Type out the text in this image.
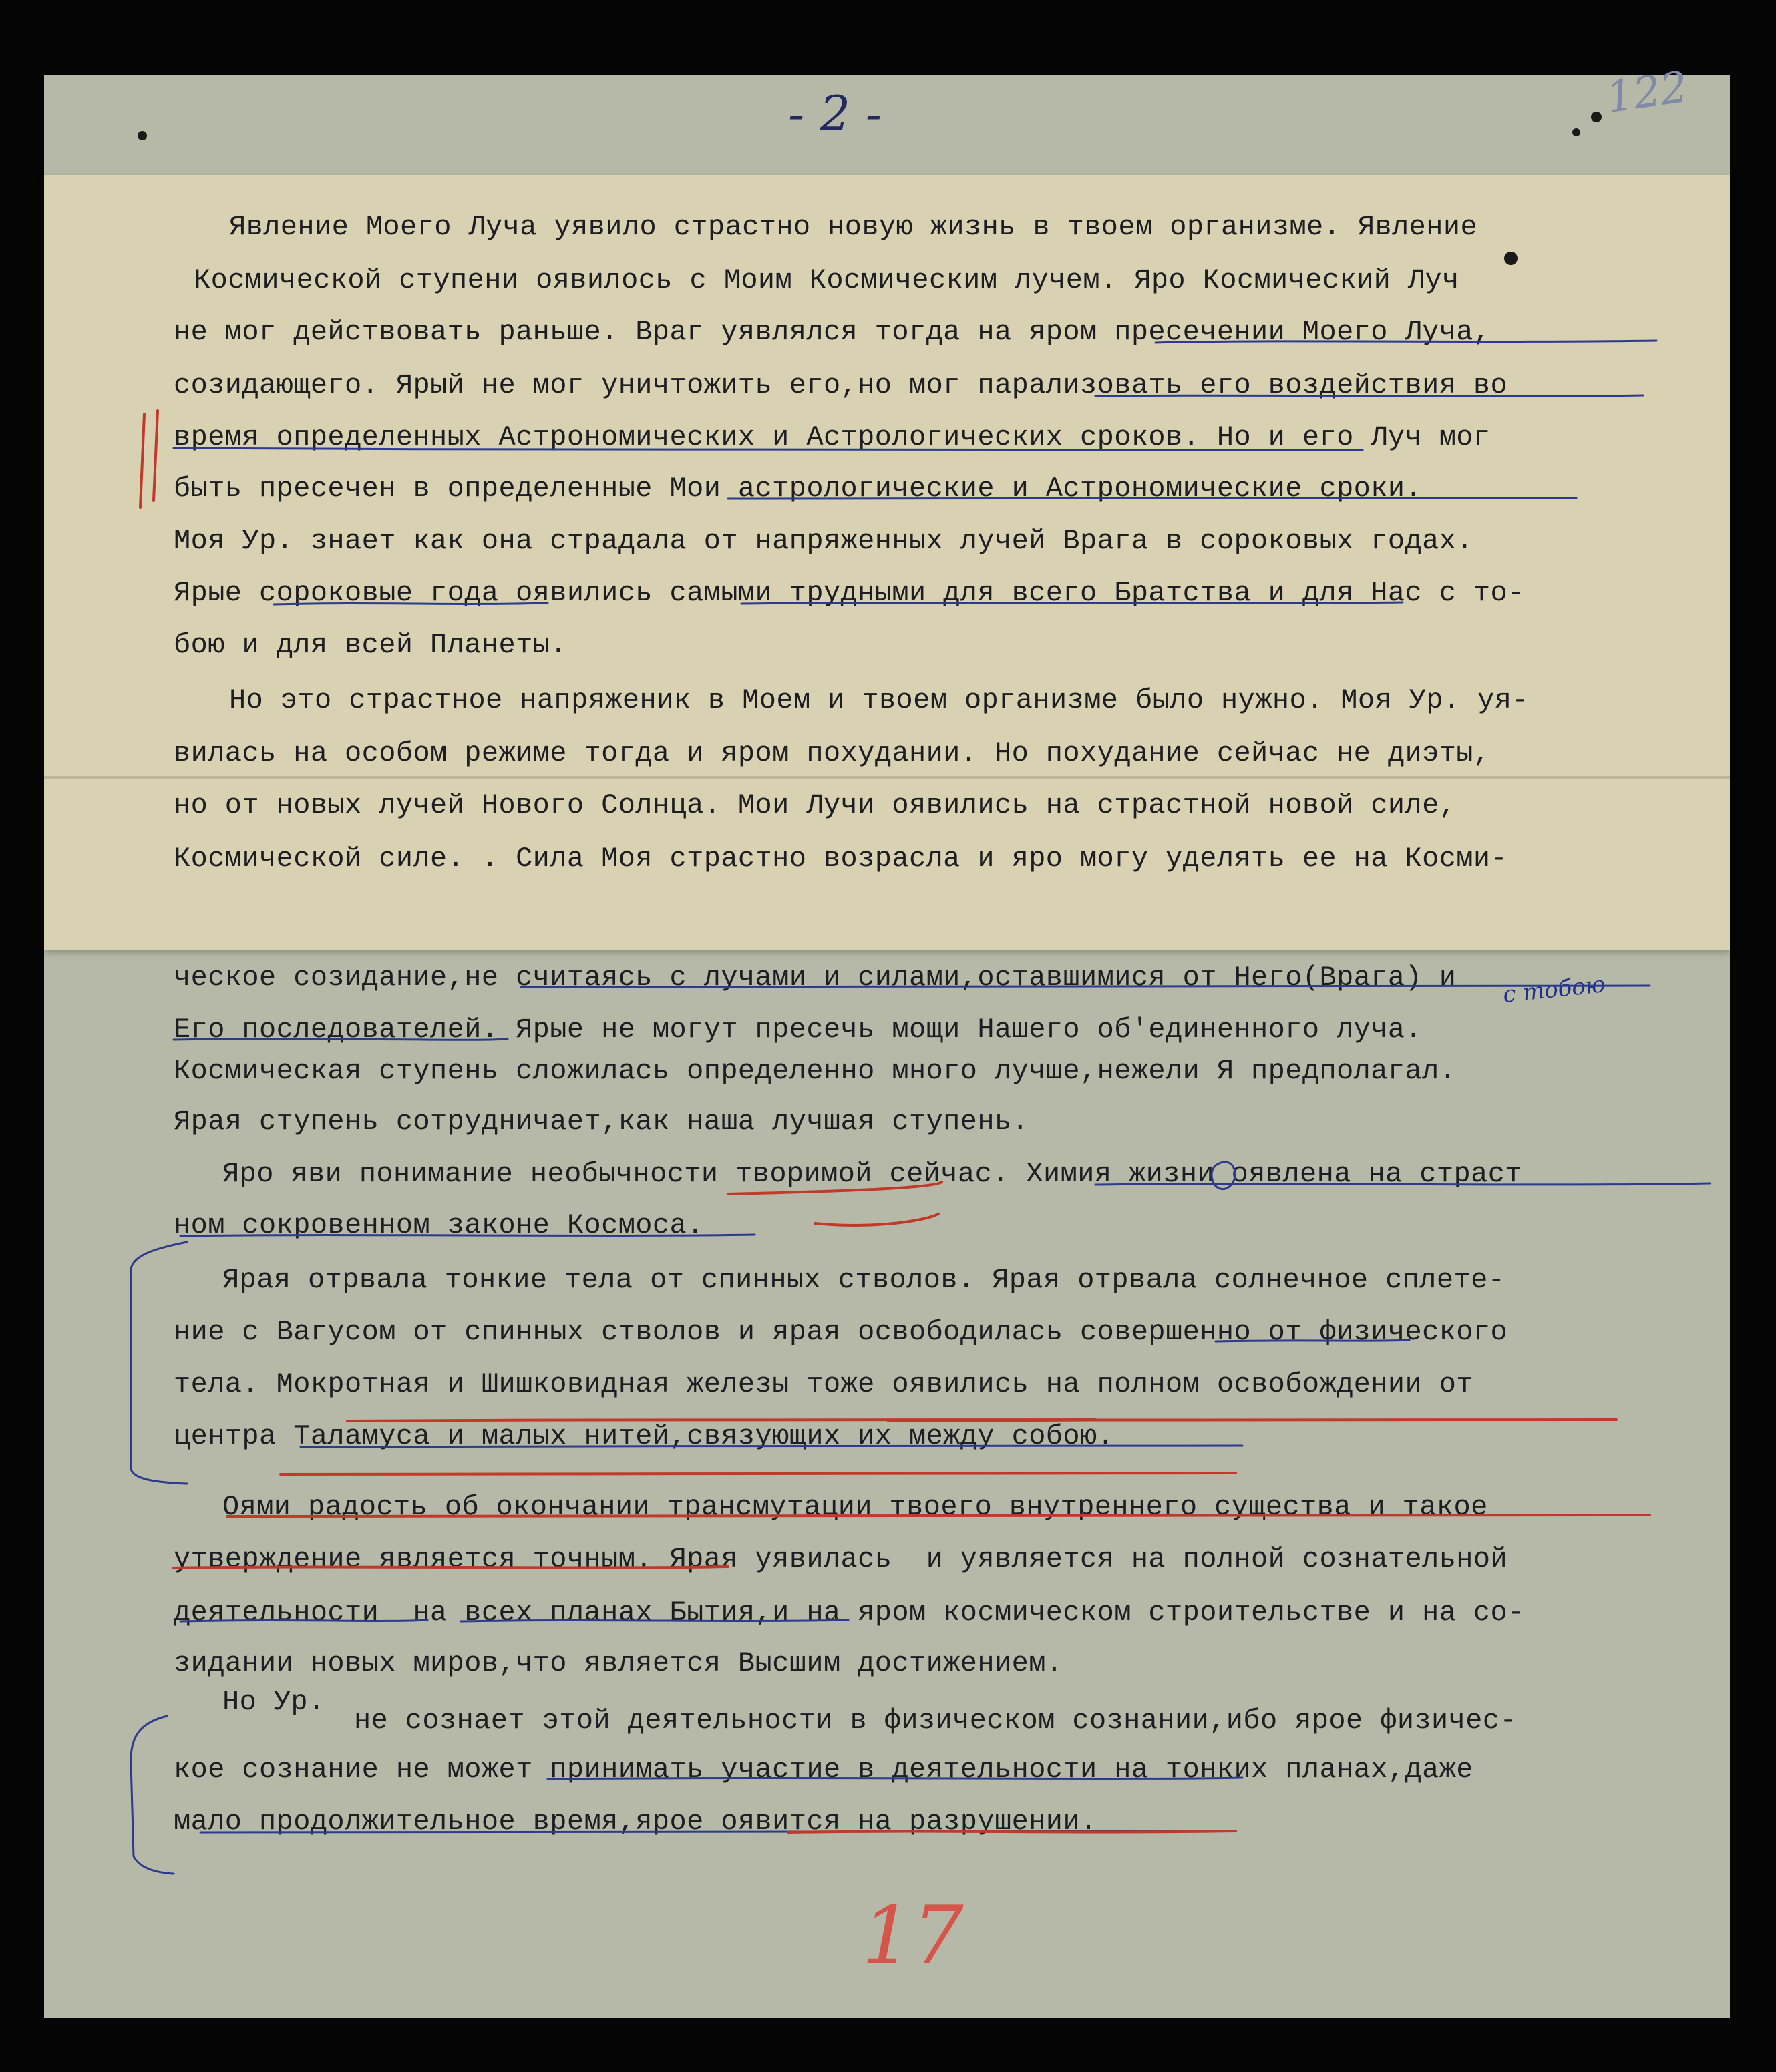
- 2 -	122
Явление Моего Луча уявило страстно новую жизнь в твоем организме. Явление
Космической ступени оявилось с Моим Космическим лучем. Яро Космический Луч
не мог действовать раньше. Враг уявлялся тогда на яром пресечении Моего Луча,
созидающего. Ярый не мог уничтожить его,но мог парализовать его воздействия во
время определенных Астрономических и Астрологических сроков. Но и его Луч мог
быть пресечен в определенные Мои астрологические и Астрономические сроки.
Моя Ур. знает как она страдала от напряженных лучей Врага в сороковых годах.
Ярые сороковые года оявились самыми трудными для всего Братства и для Нас с то-
бою и для всей Планеты.
Но это страстное напряженик в Моем и твоем организме было нужно. Моя Ур. уя-
вилась на особом режиме тогда и яром похудании. Но похудание сейчас не диэты,
но от новых лучей Нового Солнца. Мои Лучи оявились на страстной новой силе,
Космической силе. . Сила Моя страстно возрасла и яро могу уделять ее на Косми-
ческое созидание,не считаясь с лучами и силами,оставшимися от Него(Врага) и
Его последователей. Ярые не могут пресечь мощи Нашего об'единенного луча.
Космическая ступень сложилась определенно много лучше,нежели Я предполагал.
Ярая ступень сотрудничает,как наша лучшая ступень.
Яро яви понимание необычности творимой сейчас. Химия жизни оявлена на страст
ном сокровенном законе Космоса.
Ярая отрвала тонкие тела от спинных стволов. Ярая отрвала солнечное сплете-
ние с Вагусом от спинных стволов и ярая освободилась совершенно от физического
тела. Мокротная и Шишковидная железы тоже оявились на полном освобождении от
центра Таламуса и малых нитей,связующих их между собою.
Оями радость об окончании трансмутации твоего внутреннего существа и такое
утверждение является точным. Ярая уявилась  и уявляется на полной сознательной
деятельности  на всех планах Бытия,и на яром космическом строительстве и на со-
зидании новых миров,что является Высшим достижением.
Но Ур.
не сознает этой деятельности в физическом сознании,ибо ярое физичес-
кое сознание не может принимать участие в деятельности на тонких планах,даже
мало продолжительное время,ярое оявится на разрушении.
с тобою
17
